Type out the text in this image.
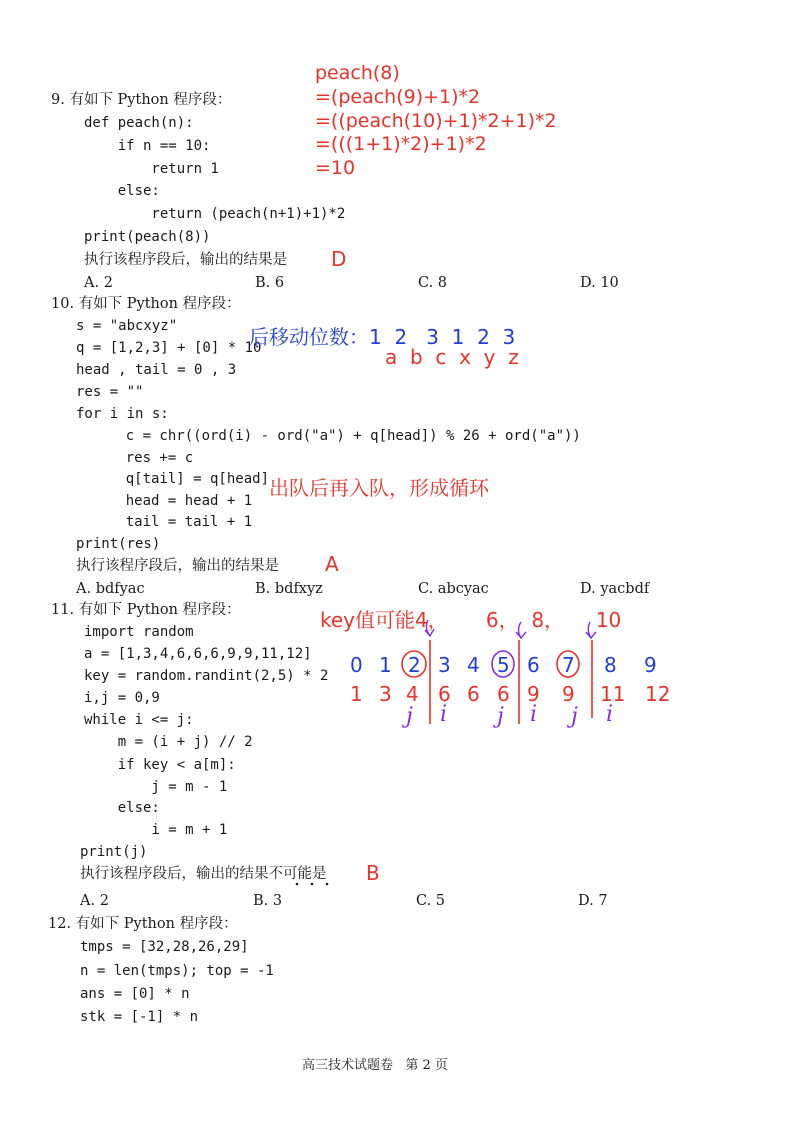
9. 有如下 Python 程序段：
def peach(n):
if n == 10:
return 1
else:
return (peach(n+1)+1)*2
print(peach(8))
执行该程序段后，输出的结果是
A. 2	B. 6	C. 8	D. 10
D
peach(8)
=(peach(9)+1)*2
=((peach(10)+1)*2+1)*2
=(((1+1)*2)+1)*2
=10
10. 有如下 Python 程序段：
s = "abcxyz"
q = [1,2,3] + [0] * 10
head , tail = 0 , 3
res = ""
for i in s:
c = chr((ord(i) - ord("a") + q[head]) % 26 + ord("a"))
res += c
q[tail] = q[head]
head = head + 1
tail = tail + 1
print(res)
执行该程序段后，输出的结果是
A. bdfyac	B. bdfxyz	C. abcyac	D. yacbdf
A
后移动位数：1  2   3  1  2  3
a  b  c  x  y  z
出队后再入队，形成循环
11. 有如下 Python 程序段：
import random
a = [1,3,4,6,6,6,9,9,11,12]
key = random.randint(2,5) * 2
i,j = 0,9
while i <= j:
m = (i + j) // 2
if key < a[m]:
j = m - 1
else:
i = m + 1
print(j)
执行该程序段后，输出的结果不可能是
A. 2	B. 3	C. 5	D. 7
B
key值可能4，      6，  8，     10
0 1 2 3 4 5 6 7 8 9
1 3 4 6 6 6 9 9 11 12
j i j i j i
12. 有如下 Python 程序段：
tmps = [32,28,26,29]
n = len(tmps); top = -1
ans = [0] * n
stk = [-1] * n
高三技术试题卷   第 2 页
